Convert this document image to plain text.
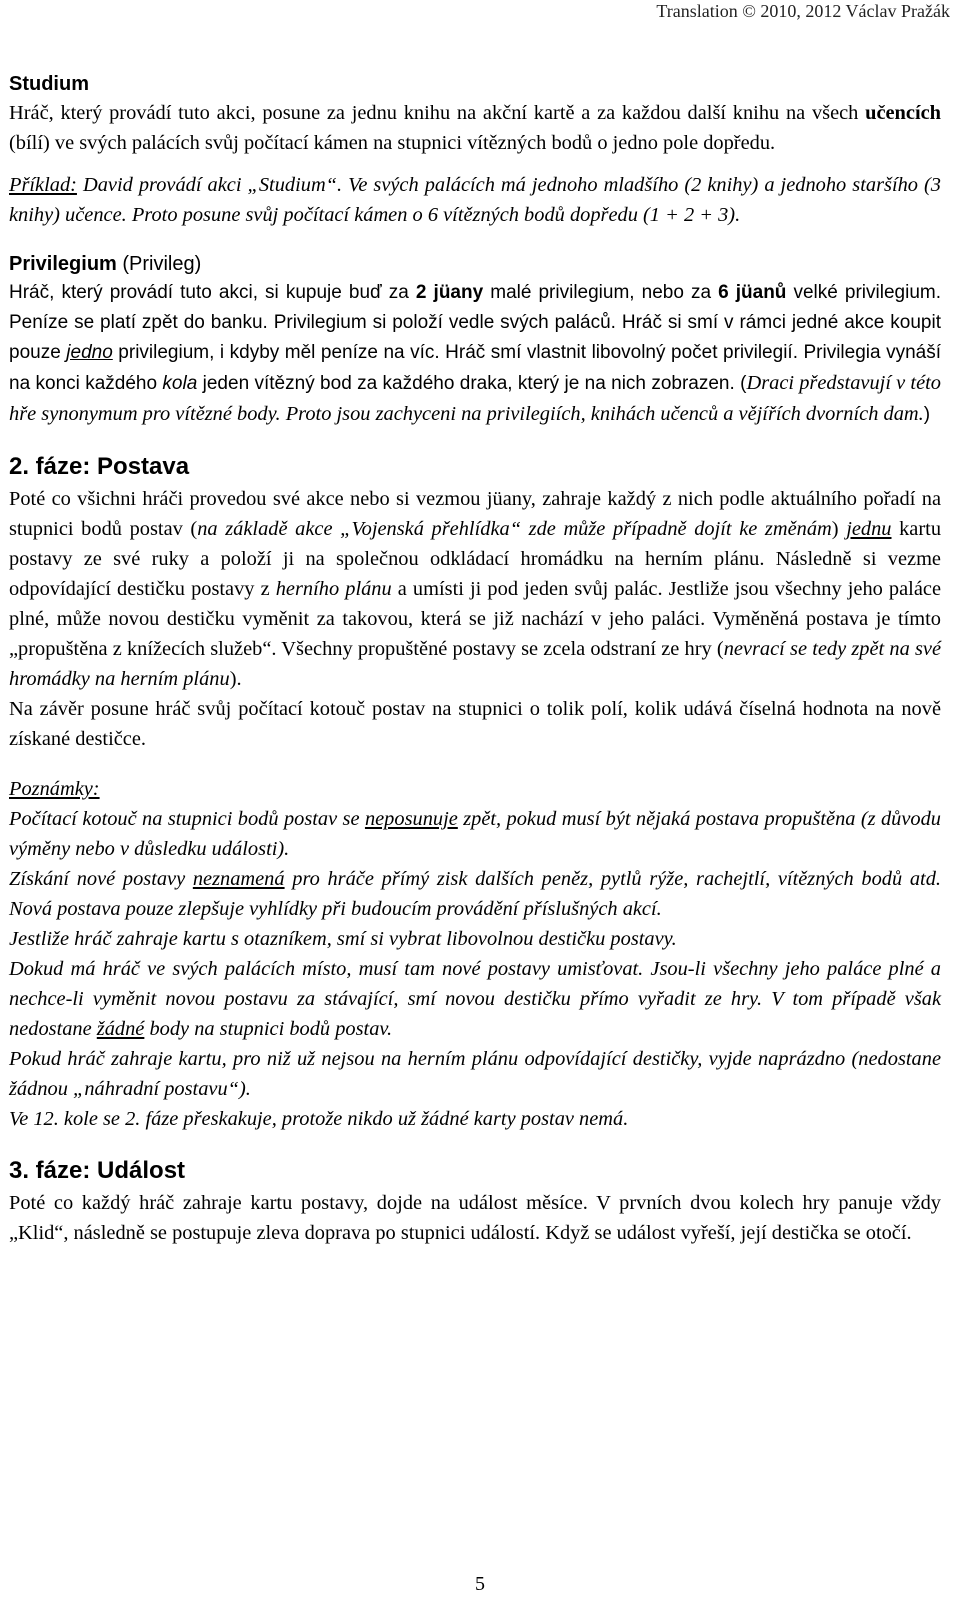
Translation © 2010, 2012 Václav Pražák

Studium

Hráč, který provádí tuto akci, posune za jednu knihu na akční kartě a za každou další knihu na všech učencích (bílí) ve svých palácích svůj počítací kámen na stupnici vítězných bodů o jedno pole dopředu.

Příklad: David provádí akci „Studium“. Ve svých palácích má jednoho mladšího (2 knihy) a jednoho staršího (3 knihy) učence. Proto posune svůj počítací kámen o 6 vítězných bodů dopředu (1 + 2 + 3).

Privilegium (Privileg)

Hráč, který provádí tuto akci, si kupuje buď za 2 jüany malé privilegium, nebo za 6 jüanů velké privilegium. Peníze se platí zpět do banku. Privilegium si položí vedle svých paláců. Hráč si smí v rámci jedné akce koupit pouze jedno privilegium, i kdyby měl peníze na víc. Hráč smí vlastnit libovolný počet privilegií. Privilegia vynáší na konci každého kola jeden vítězný bod za každého draka, který je na nich zobrazen. (Draci představují v této hře synonymum pro vítězné body. Proto jsou zachyceni na privilegiích, knihách učenců a vějířích dvorních dam.)

2. fáze: Postava

Poté co všichni hráči provedou své akce nebo si vezmou jüany, zahraje každý z nich podle aktuálního pořadí na stupnici bodů postav (na základě akce „Vojenská přehlídka“ zde může případně dojít ke změnám) jednu kartu postavy ze své ruky a položí ji na společnou odkládací hromádku na herním plánu. Následně si vezme odpovídající destičku postavy z herního plánu a umísti ji pod jeden svůj palác. Jestliže jsou všechny jeho paláce plné, může novou destičku vyměnit za takovou, která se již nachází v jeho paláci. Vyměněná postava je tímto „propuštěna z knížecích služeb“. Všechny propuštěné postavy se zcela odstraní ze hry (nevrací se tedy zpět na své hromádky na herním plánu).

Na závěr posune hráč svůj počítací kotouč postav na stupnici o tolik polí, kolik udává číselná hodnota na nově získané destičce.

Poznámky:

Počítací kotouč na stupnici bodů postav se neposunuje zpět, pokud musí být nějaká postava propuštěna (z důvodu výměny nebo v důsledku události).

Získání nové postavy neznamená pro hráče přímý zisk dalších peněz, pytlů rýže, rachejtlí, vítězných bodů atd. Nová postava pouze zlepšuje vyhlídky při budoucím provádění příslušných akcí.

Jestliže hráč zahraje kartu s otazníkem, smí si vybrat libovolnou destičku postavy.

Dokud má hráč ve svých palácích místo, musí tam nové postavy umisťovat. Jsou-li všechny jeho paláce plné a nechce-li vyměnit novou postavu za stávající, smí novou destičku přímo vyřadit ze hry. V tom případě však nedostane žádné body na stupnici bodů postav.

Pokud hráč zahraje kartu, pro niž už nejsou na herním plánu odpovídající destičky, vyjde naprázdno (nedostane žádnou „náhradní postavu“).

Ve 12. kole se 2. fáze přeskakuje, protože nikdo už žádné karty postav nemá.

3. fáze: Událost

Poté co každý hráč zahraje kartu postavy, dojde na událost měsíce. V prvních dvou kolech hry panuje vždy „Klid“, následně se postupuje zleva doprava po stupnici událostí. Když se událost vyřeší, její destička se otočí.

5
